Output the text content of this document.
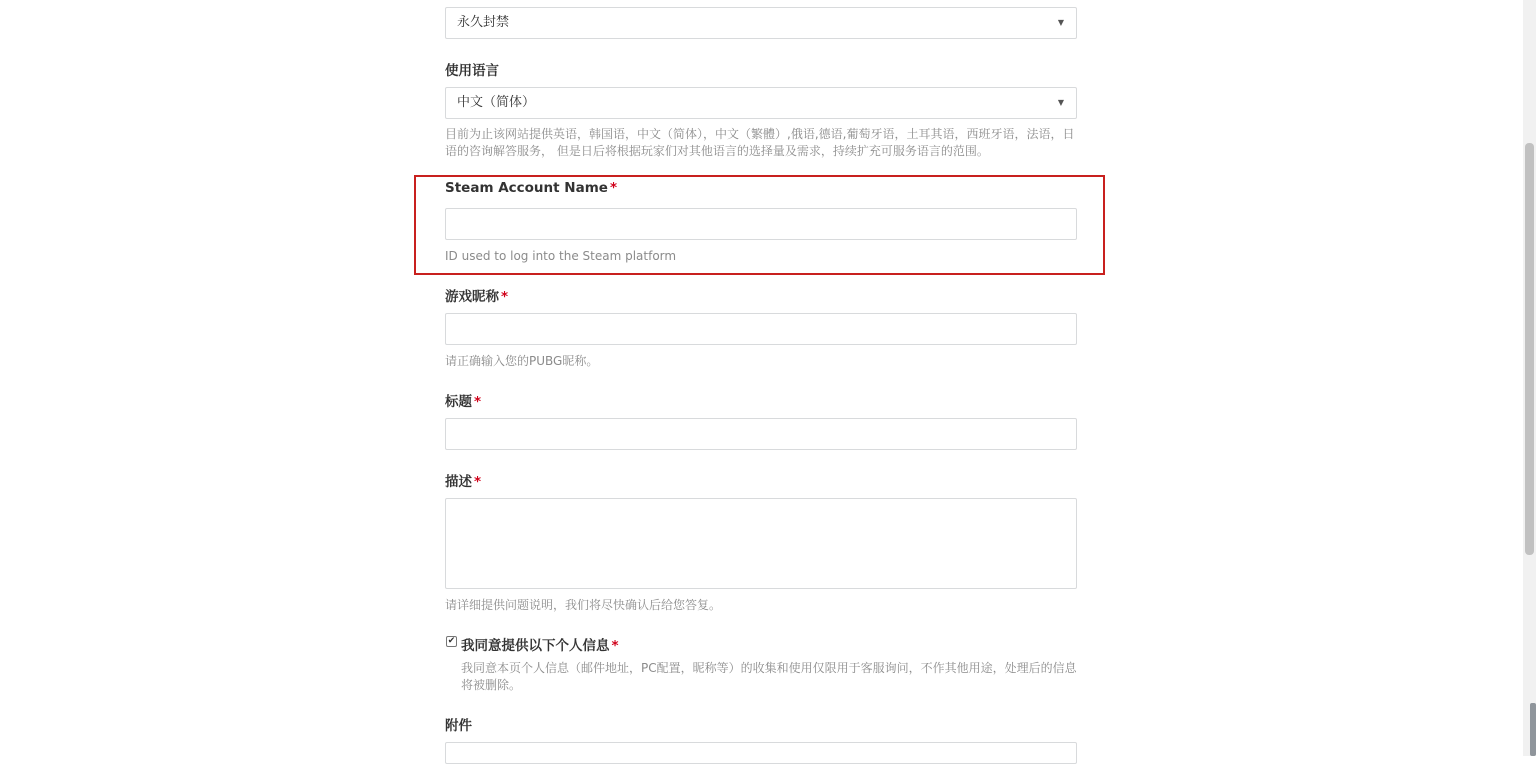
永久封禁	▼
使用语言
中文（简体）	▼
目前为止该网站提供英语，韩国语，中文（简体），中文（繁體）,俄语,德语,葡萄牙语，土耳其语，西班牙语，法语，日语的咨询解答服务， 但是日后将根据玩家们对其他语言的选择量及需求，持续扩充可服务语言的范围。
Steam Account Name *
ID used to log into the Steam platform
游戏昵称 *
请正确输入您的PUBG昵称。
标题 *
描述 *
请详细提供问题说明，我们将尽快确认后给您答复。
✔ 我同意提供以下个人信息 *
我同意本页个人信息（邮件地址，PC配置，昵称等）的收集和使用仅限用于客服询问，不作其他用途，处理后的信息将被删除。
附件
